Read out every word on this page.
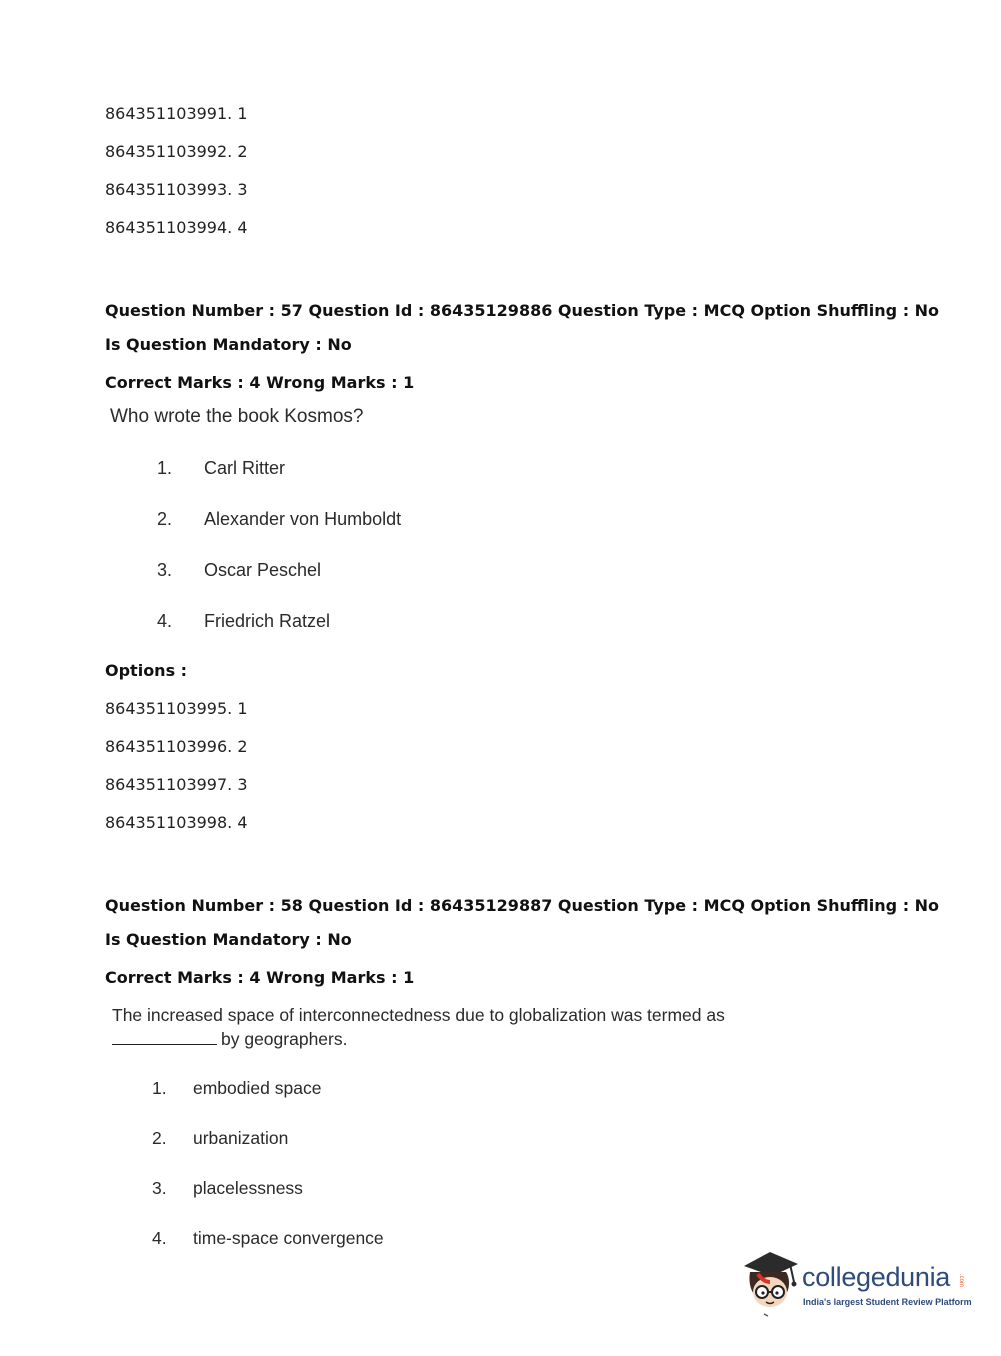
864351103991. 1
864351103992. 2
864351103993. 3
864351103994. 4
Question Number : 57 Question Id : 86435129886 Question Type : MCQ Option Shuffling : No
Is Question Mandatory : No
Correct Marks : 4 Wrong Marks : 1
Who wrote the book Kosmos?
1. Carl Ritter
2. Alexander von Humboldt
3. Oscar Peschel
4. Friedrich Ratzel
Options :
864351103995. 1
864351103996. 2
864351103997. 3
864351103998. 4
Question Number : 58 Question Id : 86435129887 Question Type : MCQ Option Shuffling : No
Is Question Mandatory : No
Correct Marks : 4 Wrong Marks : 1
The increased space of interconnectedness due to globalization was termed as
by geographers.
1. embodied space
2. urbanization
3. placelessness
4. time-space convergence
collegedunia .com
India's largest Student Review Platform
